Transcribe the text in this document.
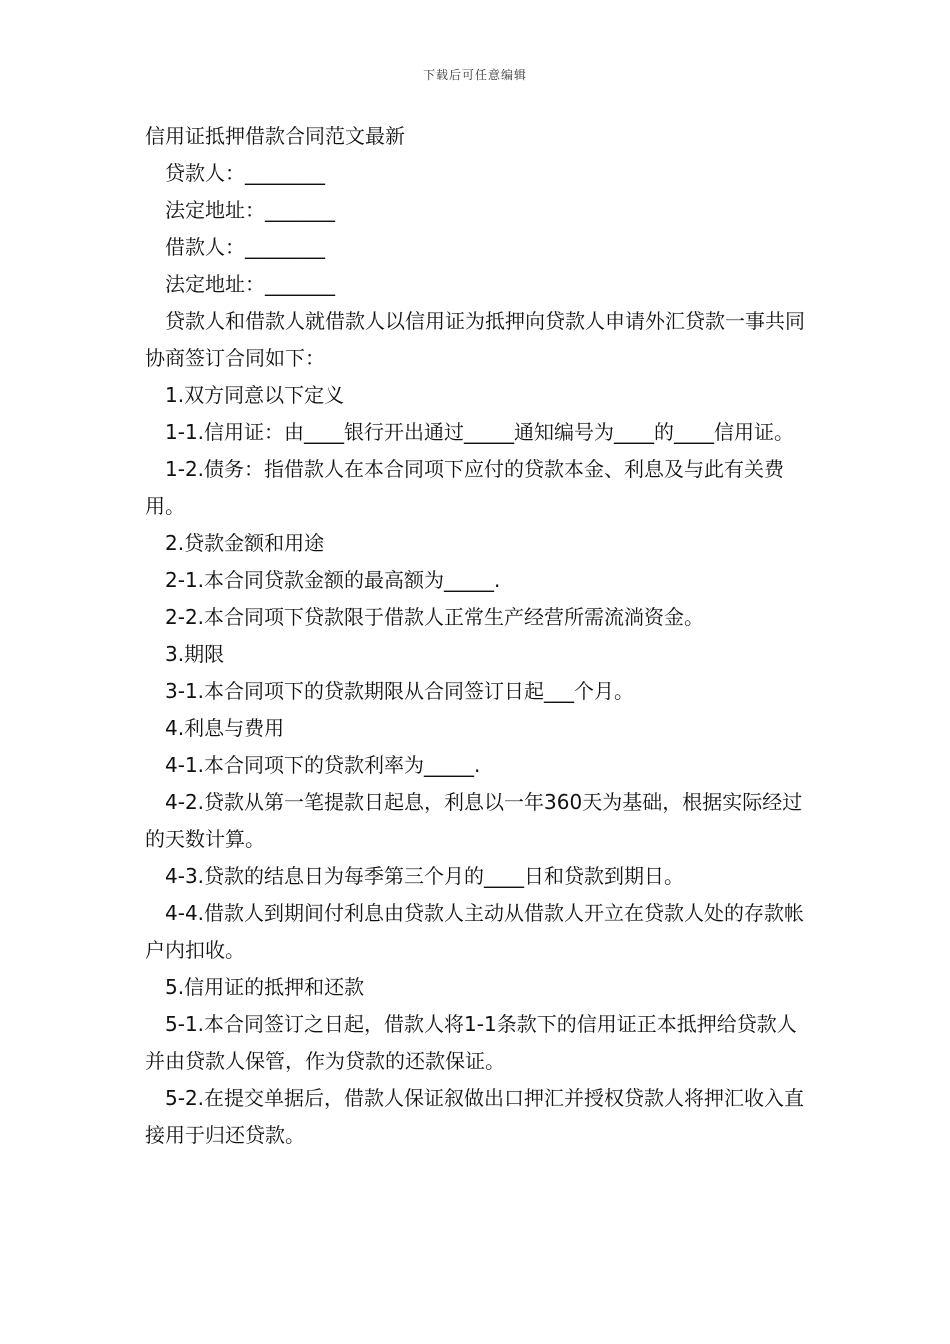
下载后可任意编辑

信用证抵押借款合同范文最新

贷款人：________

法定地址：_______

借款人：________

法定地址：_______

贷款人和借款人就借款人以信用证为抵押向贷款人申请外汇贷款一事共同协商签订合同如下：

1.双方同意以下定义

1-1.信用证：由____银行开出通过_____通知编号为____的____信用证。

1-2.债务：指借款人在本合同项下应付的贷款本金、利息及与此有关费用。

2.贷款金额和用途

2-1.本合同贷款金额的最高额为_____.

2-2.本合同项下贷款限于借款人正常生产经营所需流淌资金。

3.期限

3-1.本合同项下的贷款期限从合同签订日起___个月。

4.利息与费用

4-1.本合同项下的贷款利率为_____.

4-2.贷款从第一笔提款日起息，利息以一年360天为基础，根据实际经过的天数计算。

4-3.贷款的结息日为每季第三个月的____日和贷款到期日。

4-4.借款人到期间付利息由贷款人主动从借款人开立在贷款人处的存款帐户内扣收。

5.信用证的抵押和还款

5-1.本合同签订之日起，借款人将1-1条款下的信用证正本抵押给贷款人并由贷款人保管，作为贷款的还款保证。

5-2.在提交单据后，借款人保证叙做出口押汇并授权贷款人将押汇收入直接用于归还贷款。
